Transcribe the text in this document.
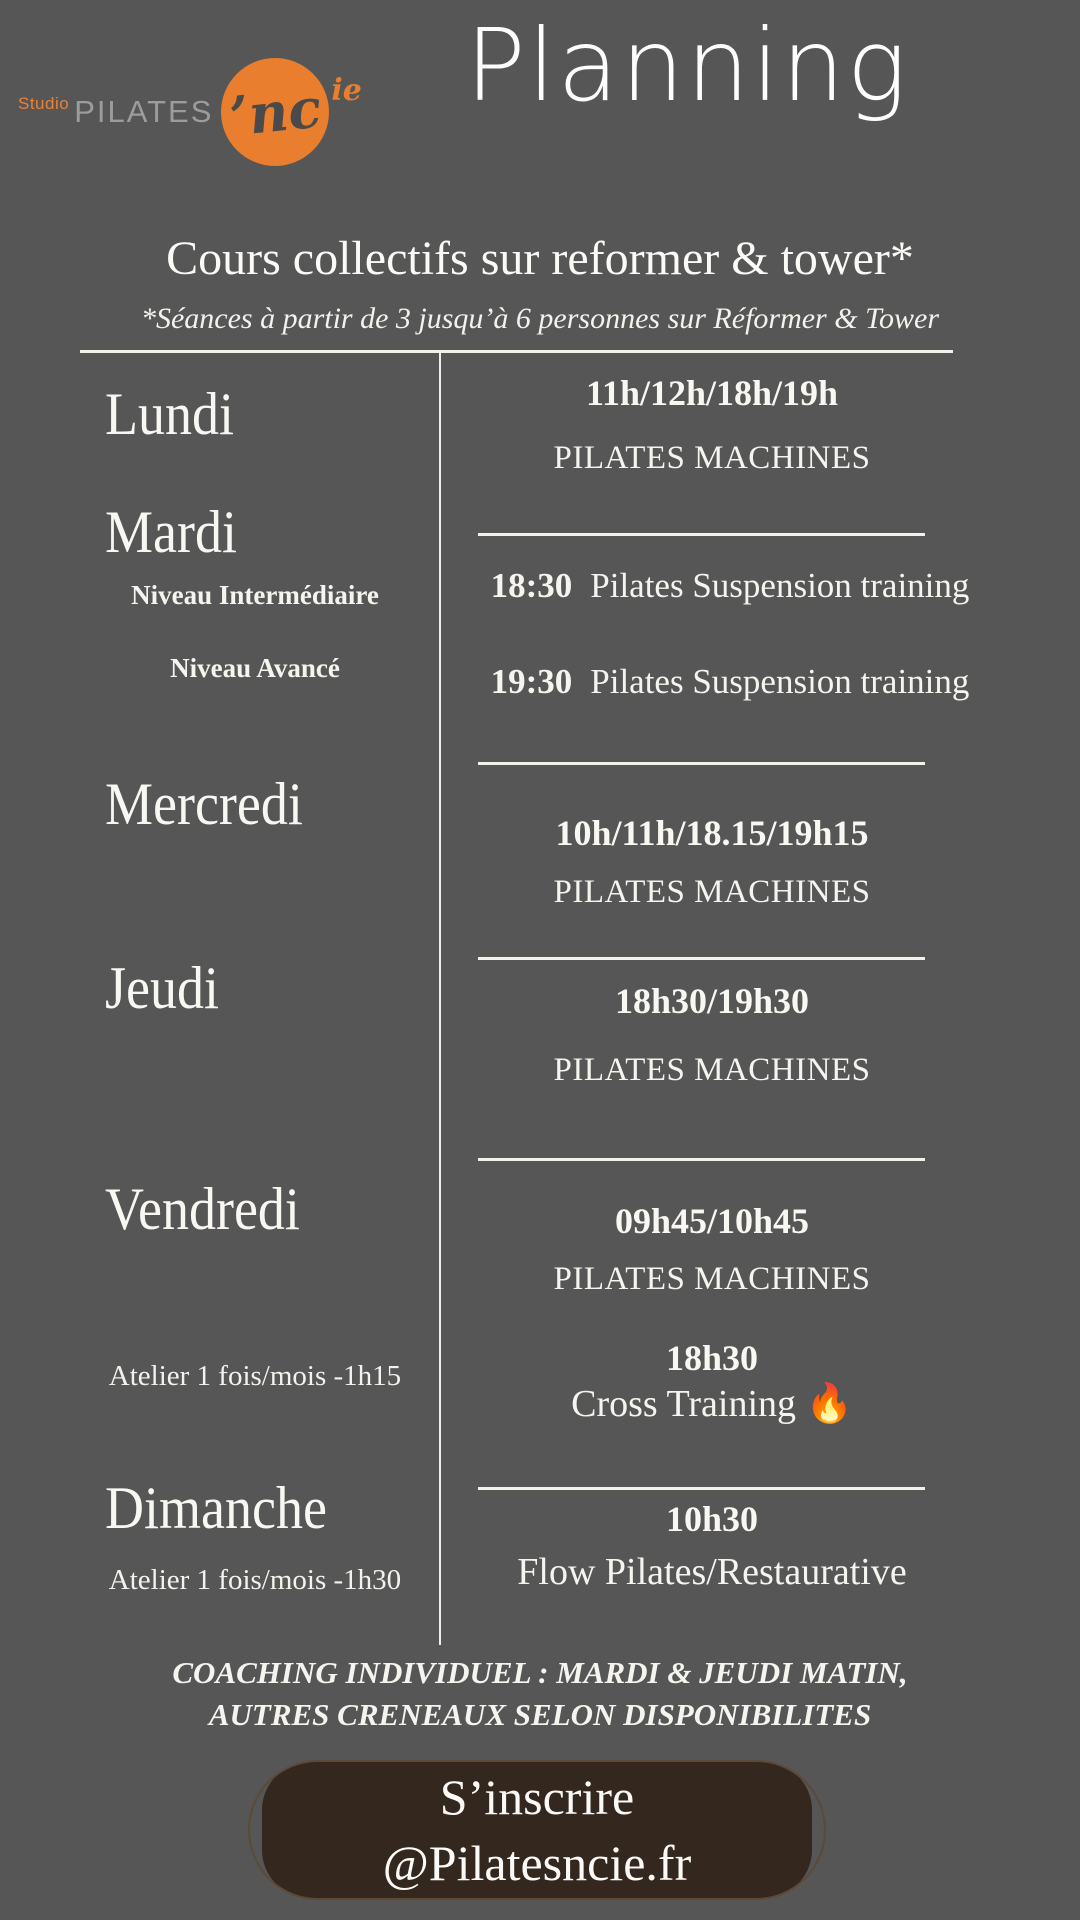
Studio PILATES ’nc ie	Planning
Cours collectifs sur reformer & tower*
*Séances à partir de 3 jusqu’à 6 personnes sur Réformer & Tower
Lundi	11h/12h/18h/19h
PILATES MACHINES
Mardi
Niveau Intermédiaire	18:30 Pilates Suspension training
Niveau Avancé	19:30 Pilates Suspension training
Mercredi	10h/11h/18.15/19h15
PILATES MACHINES
Jeudi	18h30/19h30
PILATES MACHINES
Vendredi	09h45/10h45
PILATES MACHINES
Atelier 1 fois/mois -1h15	18h30
Cross Training 🔥
Dimanche	10h30
Flow Pilates/Restaurative
Atelier 1 fois/mois -1h30
COACHING INDIVIDUEL : MARDI & JEUDI MATIN,
AUTRES CRENEAUX SELON DISPONIBILITES
S’inscrire
@Pilatesncie.fr
